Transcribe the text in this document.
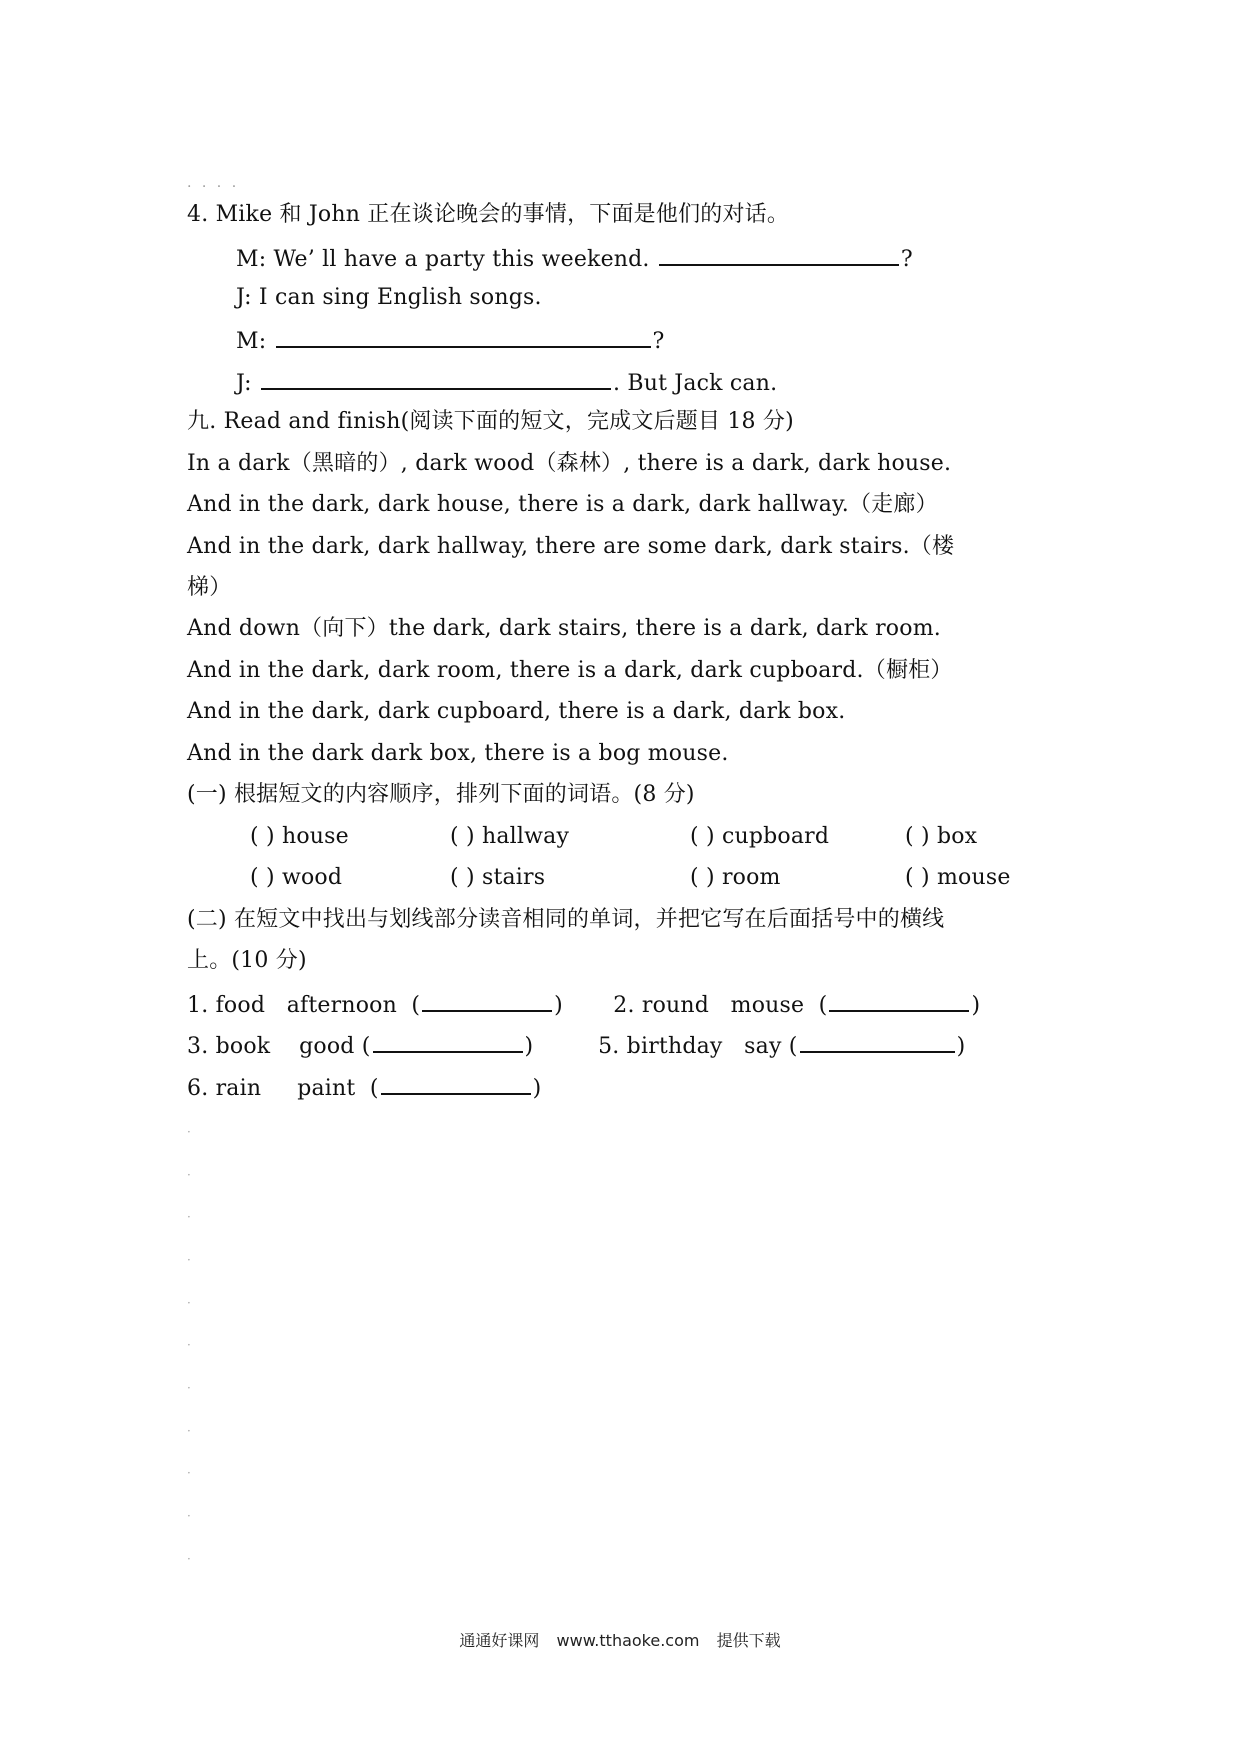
. . . .
4. Mike 和 John 正在谈论晚会的事情，下面是他们的对话。
M: We’ ll have a party this weekend.	?
J: I can sing English songs.
M:	?
J:	. But Jack can.
九. Read and finish(阅读下面的短文，完成文后题目 18 分)
In a dark（黑暗的）, dark wood（森林）, there is a dark, dark house.
And in the dark, dark house, there is a dark, dark hallway.（走廊）
And in the dark, dark hallway, there are some dark, dark stairs.（楼
梯）
And down（向下）the dark, dark stairs, there is a dark, dark room.
And in the dark, dark room, there is a dark, dark cupboard.（橱柜）
And in the dark, dark cupboard, there is a dark, dark box.
And in the dark dark box, there is a bog mouse.
(一) 根据短文的内容顺序，排列下面的词语。(8 分)
( ) house	( ) hallway	( ) cupboard	( ) box
( ) wood	( ) stairs	( ) room	( ) mouse
(二) 在短文中找出与划线部分读音相同的单词，并把它写在后面括号中的横线
上。(10 分)
1. food afternoon  (	)       2. round mouse  (	)
3. book good (	)         5. birthday say (	)
6. rain paint  (	)
·
·
·
·
·
·
·
·
·
·
·
通通好课网 www.tthaoke.com 提供下载
